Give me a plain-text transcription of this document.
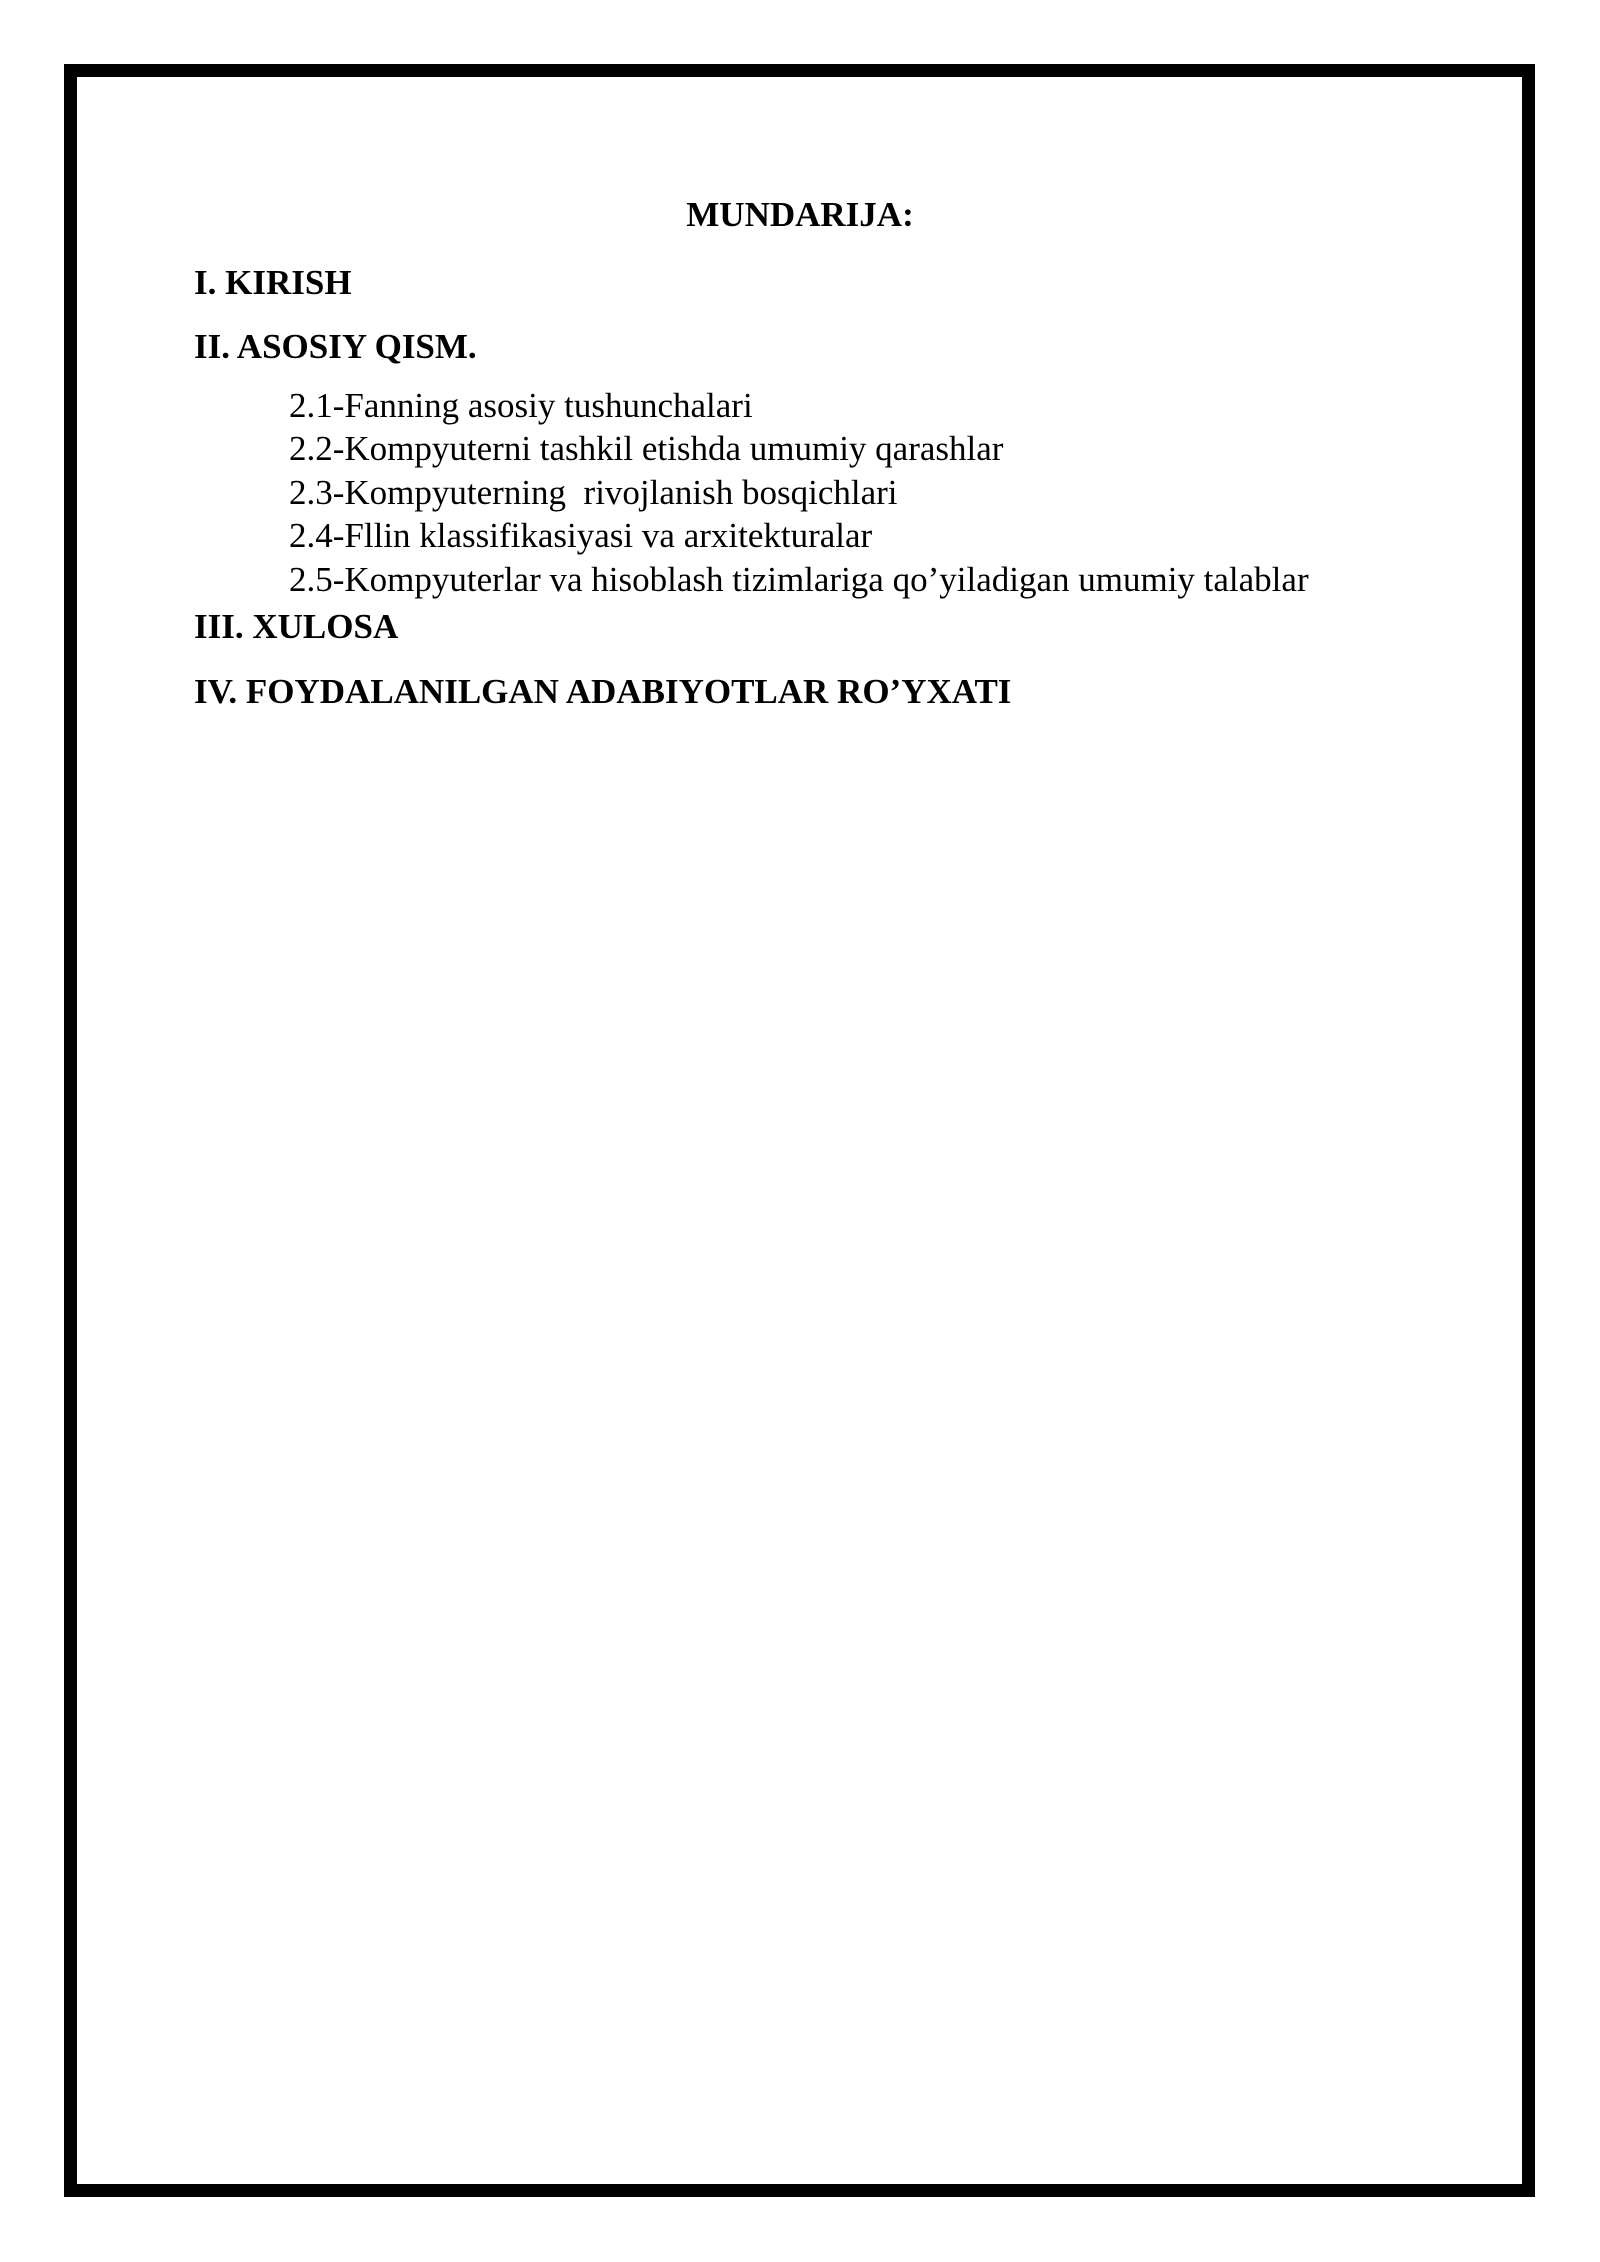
MUNDARIJA:
I. KIRISH
II. ASOSIY QISM.
2.1-Fanning asosiy tushunchalari
2.2-Kompyuterni tashkil etishda umumiy qarashlar
2.3-Kompyuterning  rivojlanish bosqichlari
2.4-Fllin klassifikasiyasi va arxitekturalar
2.5-Kompyuterlar va hisoblash tizimlariga qo’yiladigan umumiy talablar
III. XULOSA
IV. FOYDALANILGAN ADABIYOTLAR RO’YXATI
